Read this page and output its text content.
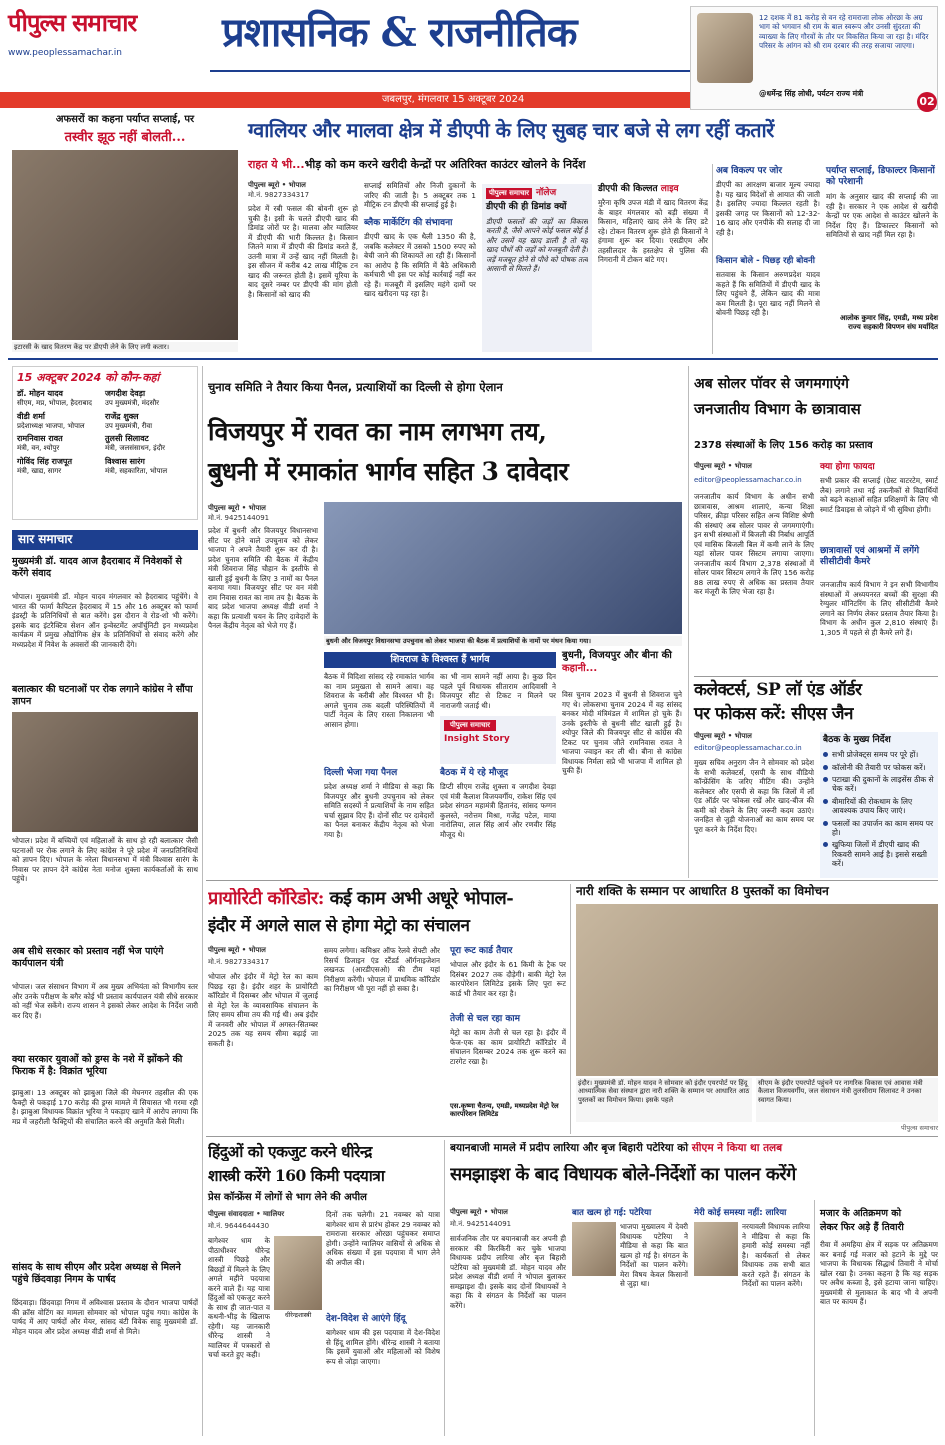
पीपुल्स समाचार
www.peoplessamachar.in	प्रशासनिक & राजनीतिक	12 दशक में 81 करोड़ से वन रहे रामराजा लोक ओरछा के अग्र भाग को भगवान श्री राम के बाल स्वरूप और उनसी सुंदरता की व्याख्या के लिए गौरवों के तौर पर विकसित किया जा रहा है। मंदिर परिसर के आंगन को श्री राम दरबार की तरह सजाया जाएगा।
@धर्मेन्द्र सिंह लोधी, पर्यटन राज्य मंत्री
जबलपुर, मंगलवार 15 अक्टूबर 2024	02
अफसरों का कहना पर्याप्त सप्लाई, पर
तस्वीर झूठ नहीं बोलती...
इटारसी के खाद वितरण केंद्र पर डीएपी लेने के लिए लगी कतार।
ग्वालियर और मालवा क्षेत्र में डीएपी के लिए सुबह चार बजे से लग रहीं कतारें
राहत ये भी...भीड़ को कम करने खरीदी केन्द्रों पर अतिरिक्त काउंटर खोलने के निर्देश
पीपुल्स ब्यूरो • भोपाल
मो.नं. 9827334317
प्रदेश में रबी फसल की बोवनी शुरू हो चुकी है। इसी के चलते डीएपी खाद की डिमांड जोरों पर है। मालवा और ग्वालियर में डीएपी की भारी किल्लत है। किसान जितने मात्रा में डीएपी की डिमांड करते हैं, उतनी मात्रा में उन्हें खाद नहीं मिलती है। इस सीजन में करीब 42 लाख मीट्रिक टन खाद की जरूरत होती है। इसमें यूरिया के बाद दूसरे नम्बर पर डीएपी की मांग होती है। किसानों को खाद की
सप्लाई समितियों और निजी दुकानों के जरिए की जाती है। 5 अक्टूबर तक 1 मीट्रिक टन डीएपी की सप्लाई हुई है।
ब्लैक मार्केटिंग की संभावना
डीएपी खाद के एक थैली 1350 की है, जबकि कलेक्टर में उसको 1500 रुपए को बेची जाने की शिकायतें आ रही हैं। किसानों का आरोप है कि समिति में बैठे अधिकारी कर्मचारी भी इस पर कोई कार्रवाई नहीं कर रहे हैं। मजबूरी में इसलिए महंगे दामों पर खाद खरीदना पड़ रहा है।
पीपुल्स समाचार नॉलेज
डीएपी की ही डिमांड क्यों
डीएपी फसलों की जड़ों का विकास करती है, जैसे आपने कोई फसल बोई है और उसमें यह खाद डाली है तो यह खाद पौधों की जड़ों को मजबूती देती है। जड़ें मजबूत होने से पौधे को पोषक तत्व आसानी से मिलते हैं।
डीएपी की किल्लत लाइव
मुरैना कृषि उपज मंडी में खाद वितरण केंद्र के बाहर मंगलवार को बड़ी संख्या में किसान, महिलाएं खाद लेने के लिए डटे रहे। टोकन वितरण शुरू होते ही किसानों ने हंगामा शुरू कर दिया। एसडीएम और तहसीलदार के हस्तक्षेप से पुलिस की निगरानी में टोकन बांटे गए।
अब विकल्प पर जोर
डीएपी का आरक्षण बाजार मूल्य ज्यादा है। यह खाद विदेशों से आयात की जाती है। इसलिए ज्यादा किल्लत रहती है। इसकी जगह पर किसानों को 12-32-16 खाद और एनपीके की सलाह दी जा रही है।
किसान बोले - पिछड़ रही बोवनी
सतवास के किसान अरुणप्रदेश यादव कहते हैं कि समितियों में डीएपी खाद के लिए पहुंचने हैं, लेकिन खाद की मात्रा कम मिलती है। पूरा खाद नहीं मिलने से बोवनी पिछड़ रही है।
पर्याप्त सप्लाई, डिफाल्टर किसानों को परेशानी
मांग के अनुसार खाद की सप्लाई की जा रही है। सरकार ने एक आदेश से खरीदी केन्द्रों पर एक आदेश से काउंटर खोलने के निर्देश दिए हैं। डिफाल्टर किसानों को समितियों से खाद नहीं मिल रहा है।
आलोक कुमार सिंह, एमडी, मध्य प्रदेश राज्य सहकारी विपणन संघ मर्यादित
15 अक्टूबर 2024 को कौन-कहां
डॉ. मोहन यादव
सीएम, मप्र, भोपाल, हैदराबाद
जगदीश देवड़ा
उप मुख्यमंत्री, मंदसौर
वीडी शर्मा
प्रदेशाध्यक्ष भाजपा, भोपाल
राजेंद्र शुक्ल
उप मुख्यमंत्री, रीवा
रामनिवास रावत
मंत्री, वन, श्योपुर
तुलसी सिलावट
मंत्री, जलसंसाधन, इंदौर
गोविंद सिंह राजपूत
मंत्री, खाद्य, सागर
विश्वास सारंग
मंत्री, सहकारिता, भोपाल
सार समाचार
मुख्यमंत्री डॉ. यादव आज हैदराबाद में निवेशकों से करेंगे संवाद
भोपाल। मुख्यमंत्री डॉ. मोहन यादव मंगलवार को हैदराबाद पहुंचेंगे। वे भारत की फार्मा कैपिटल हैदराबाद में 15 और 16 अक्टूबर को फार्मा इंडस्ट्री के प्रतिनिधियों से बात करेंगे। इस दौरान वे रोड-शो भी करेंगे। इसके बाद इंटरैक्टिव सेशन ऑन इन्वेस्टमेंट अपॉर्चुनिटी इन मध्यप्रदेश कार्यक्रम में प्रमुख औद्योगिक क्षेत्र के प्रतिनिधियों से संवाद करेंगे और मध्यप्रदेश में निवेश के अवसरों की जानकारी देंगे।
बलात्कार की घटनाओं पर रोक लगाने कांग्रेस ने सौंपा ज्ञापन
भोपाल। प्रदेश में बच्चियों एवं महिलाओं के साथ हो रही बलात्कार जैसी घटनाओं पर रोक लगाने के लिए कांग्रेस ने पूरे प्रदेश में जनप्रतिनिधियों को ज्ञापन दिए। भोपाल के नरेला विधानसभा में मंत्री विश्वास सारंग के निवास पर ज्ञापन देने कांग्रेस नेता मनोज शुक्ला कार्यकर्ताओं के साथ पहुंचे।
अब सीधे सरकार को प्रस्ताव नहीं भेज पाएंगे कार्यपालन यंत्री
भोपाल। जल संसाधन विभाग में अब मुख्य अभियंता को विभागीय स्तर और उनके परीक्षण के बगैर कोई भी प्रस्ताव कार्यपालन यंत्री सीधे सरकार को नहीं भेज सकेंगे। राज्य शासन ने इसको लेकर आदेश के निर्देश जारी कर दिए हैं।
क्या सरकार युवाओं को ड्रग्स के नशे में झोंकने की फिराक में है: विक्रांत भूरिया
झाबुआ। 13 अक्टूबर को झाबुआ जिले की मेघनगर तहसील की एक फैक्ट्री से पकड़ाई 170 करोड़ की ड्रग्स मामले में सियासत भी गरमा रही है। झाबुआ विधायक विक्रांत भूरिया ने पकड़ाए खाने में आरोप लगाया कि मप्र में जहरीली फैक्ट्रियों की संचालित करने की अनुमति कैसे मिली।
सांसद के साथ सीएम और प्रदेश अध्यक्ष से मिलने पहुंचे छिंदवाड़ा निगम के पार्षद
छिंदवाड़ा। छिंदवाड़ा निगम में अविश्वास प्रस्ताव के दौरान भाजपा पार्षदों की क्रॉस वोटिंग का मामला सोमवार को भोपाल पहुंच गया। कांग्रेस के पार्षद में आए पार्षदों और मेयर, सांसद बंटी विवेक साहू मुख्यमंत्री डॉ. मोहन यादव और प्रदेश अध्यक्ष वीडी शर्मा से मिले।
चुनाव समिति ने तैयार किया पैनल, प्रत्याशियों का दिल्ली से होगा ऐलान
विजयपुर में रावत का नाम लगभग तय,
बुधनी में रमाकांत भार्गव सहित 3 दावेदार
पीपुल्स ब्यूरो • भोपाल
मो.नं. 9425144091
प्रदेश में बुधनी और विजयपुर विधानसभा सीट पर होने वाले उपचुनाव को लेकर भाजपा ने अपने तैयारी शुरू कर दी है। प्रदेश चुनाव समिति की बैठक में केंद्रीय मंत्री शिवराज सिंह चौहान के इस्तीफे से खाली हुई बुधनी के लिए 3 नामों का पैनल बनाया गया। विजयपुर सीट पर वन मंत्री राम निवास रावत का नाम तय है। बैठक के बाद प्रदेश भाजपा अध्यक्ष वीडी शर्मा ने कहा कि प्रत्याशी चयन के लिए दावेदारों के पैनल केंद्रीय नेतृत्व को भेजे गए हैं।
बुधनी और विजयपुर विधानसभा उपचुनाव को लेकर भाजपा की बैठक में प्रत्याशियों के नामों पर मंथन किया गया।
शिवराज के विश्वस्त हैं भार्गव
बैठक में विदिशा सांसद रहे रमाकांत भार्गव का नाम प्रमुखता से सामने आया। वह शिवराज के करीबी और विश्वस्त भी हैं। अगले चुनाव तक बदली परिस्थितियों में पार्टी नेतृत्व के लिए रास्ता निकालना भी आसान होगा।
दिल्ली भेजा गया पैनल
प्रदेश अध्यक्ष शर्मा ने मीडिया से कहा कि विजयपुर और बुधनी उपचुनाव को लेकर समिति सदस्यों ने प्रत्याशियों के नाम सहित चर्चा सुझाव दिए हैं। दोनों सीट पर दावेदारों का पैनल बनाकर केंद्रीय नेतृत्व को भेजा गया है।
का भी नाम सामने नहीं आया है। कुछ दिन पहले पूर्व विधायक सीताराम आदिवासी ने विजयपुर सीट से टिकट न मिलने पर नाराजगी जताई थी।
पीपुल्स समाचार
Insight Story
बैठक में ये रहे मौजूद
डिप्टी सीएम राजेंद्र शुक्ला व जगदीश देवड़ा एवं मंत्री कैलाश विजयवर्गीय, राकेश सिंह एवं प्रदेश संगठन महामंत्री हितानंद, सांसद फग्गन कुलस्ते, नरोत्तम मिश्रा, गजेंद्र पटेल, माया नारोलिया, लाल सिंह आर्य और रणवीर सिंह मौजूद थे।
बुधनी, विजयपुर और बीना की कहानी...
विस चुनाव 2023 में बुधनी से शिवराज चुने गए थे। लोकसभा चुनाव 2024 में वह सांसद बनकर मोदी मंत्रिमंडल में शामिल हो चुके हैं। उनके इस्तीफे से बुधनी सीट खाली हुई है। श्योपुर जिले की विजयपुर सीट से कांग्रेस की टिकट पर चुनाव जीते रामनिवास रावत ने भाजपा ज्वाइन कर ली थी। बीना से कांग्रेस विधायक निर्मला सप्रे भी भाजपा में शामिल हो चुकी हैं।
अब सोलर पॉवर से जगमगाएंगे
जनजातीय विभाग के छात्रावास
2378 संस्थाओं के लिए 156 करोड़ का प्रस्ताव
पीपुल्स ब्यूरो • भोपाल
editor@peoplessamachar.co.in
जनजातीय कार्य विभाग के अधीन सभी छात्रावास, आश्रम शालाएं, कन्या शिक्षा परिसर, क्रीड़ा परिसर सहित अन्य विशिष्ट श्रेणी की संस्थाएं अब सोलर पावर से जगमगाएंगी। इन सभी संस्थाओं में बिजली की निर्बाध आपूर्ति एवं मासिक बिजली बिल में कमी लाने के लिए यहां सोलर पावर सिस्टम लगाया जाएगा। जनजातीय कार्य विभाग 2,378 संस्थाओं में सोलर पावर सिस्टम लगाने के लिए 156 करोड़ 88 लाख रुपए से अधिक का प्रस्ताव तैयार कर मंजूरी के लिए भेजा रहा है।
क्या होगा फायदा
सभी प्रकार की सप्लाई (ग्रेस्ट वाटरटेम, स्मार्ट लैब) लगाने तथा नई तकनीकों से विद्यार्थियों को बढ़ने कक्षाओं सहित प्रशिक्षणों के लिए भी स्मार्ट डिवाइस से जोड़ने में भी सुविधा होगी।
छात्रावासों एवं आश्रमों में लगेंगे सीसीटीवी कैमरे
जनजातीय कार्य विभाग ने इन सभी विभागीय संस्थाओं में अध्ययनरत बच्चों की सुरक्षा की रेग्युलर मॉनिटरिंग के लिए सीसीटीवी कैमरे लगाने का निर्णय लेकर प्रस्ताव तैयार किया है। विभाग के अधीन कुल 2,810 संस्थाएं हैं। 1,305 में पहले से ही कैमरे लगे हैं।
कलेक्टर्स, SP लॉ एंड ऑर्डर
पर फोकस करें: सीएस जैन
पीपुल्स ब्यूरो • भोपाल
editor@peoplessamachar.co.in
मुख्य सचिव अनुराग जैन ने सोमवार को प्रदेश के सभी कलेक्टर्स, एसपी के साथ वीडियो कॉन्फ्रेंसिंग के जरिए मीटिंग की। उन्होंने कलेक्टर और एसपी से कहा कि जिलों में लॉ एंड ऑर्डर पर फोकस रखें और खाद-बीज की कमी को रोकने के लिए जरूरी कदम उठाएं। जनहित से जुड़ी योजनाओं का काम समय पर पूरा करने के निर्देश दिए।
बैठक के मुख्य निर्देश
सभी प्रोजेक्ट्स समय पर पूरे हों।
कॉलोनी की तैयारी पर फोकस करें।
पटाखा की दुकानों के लाइसेंस ठीक से चेक करें।
बीमारियों की रोकथाम के लिए आवश्यक उपाय किए जाएं।
फसलों का उपार्जन का काम समय पर हो।
खुफिया जिलों में डीएपी खाद की रिकवरी सामने आई है। इससे सख्ती करें।
प्रायोरिटी कॉरिडोर: कई काम अभी अधूरे भोपाल-
इंदौर में अगले साल से होगा मेट्रो का संचालन
पीपुल्स ब्यूरो • भोपाल
मो.नं. 9827334317
भोपाल और इंदौर में मेट्रो रेल का काम पिछड़ रहा है। इंदौर शहर के प्रायोरिटी कॉरिडोर में दिसम्बर और भोपाल में जुलाई से मेट्रो रेल के व्यावसायिक संचालन के लिए समय सीमा तय की गई थी। अब इंदौर में जनवरी और भोपाल में अगस्त-सितम्बर 2025 तक यह समय सीमा बढ़ाई जा सकती है।
समय लगेगा। कमिश्नर ऑफ रेलवे सेफ्टी और रिसर्च डिजाइन एंड स्टैंडर्ड ऑर्गनाइजेशन लखनऊ (आरडीएसओ) की टीम यहां निरीक्षण करेंगी। भोपाल में प्राथमिक कॉरिडोर का निरीक्षण भी पूरा नहीं हो सका है।
पूरा रूट कार्ड तैयार
भोपाल और इंदौर के 61 किमी के ट्रैक पर दिसंबर 2027 तक दौड़ेगी। बाकी मेट्रो रेल कारपोरेशन लिमिटेड इसके लिए पूरा रूट कार्ड भी तैयार कर रहा है।
तेजी से चल रहा काम
मेट्रो का काम तेजी से चल रहा है। इंदौर में फेज-एक का काम प्रायोरिटी कॉरिडोर में संचालन दिसम्बर 2024 तक शुरू करने का टारगेट रखा है।
एस.कृष्णा चैतन्य, एमडी, मध्यप्रदेश मेट्रो रेल कारपोरेशन लिमिटेड
नारी शक्ति के सम्मान पर आधारित 8 पुस्तकों का विमोचन
इंदौर। मुख्यमंत्री डॉ. मोहन यादव ने सोमवार को इंदौर एयरपोर्ट पर हिंदू आध्यात्मिक सेवा संस्थान द्वारा नारी शक्ति के सम्मान पर आधारित आठ पुस्तकों का विमोचन किया। इसके पहले
सीएम के इंदौर एयरपोर्ट पहुंचने पर नागरिक विकास एवं आवास मंत्री कैलाश विजयवर्गीय, जल संसाधन मंत्री तुलसीराम सिलावट ने उनका स्वागत किया।
पीपुल्स समाचार
हिंदुओं को एकजुट करने धीरेन्द्र
शास्त्री करेंगे 160 किमी पदयात्रा
प्रेस कॉन्फ्रेंस में लोगों से भाग लेने की अपील
पीपुल्स संवाददाता • ग्वालियर
मो.नं. 9644644430
बागेश्वर धाम के पीठाधीश्वर धीरेन्द्र शास्त्री पिछड़े और बिछड़ों में मिलने के लिए अगले महीने पदयात्रा करने वाले हैं। यह यात्रा हिंदुओं को एकजुट करने के साथ ही जात-पात व कथनी-भीड़ के खिलाफ रहेगी। यह जानकारी धीरेन्द्र शास्त्री ने ग्वालियर में पत्रकारों से चर्चा करते हुए कही।
धीरेन्द्रशास्त्री
दिनों तक चलेगी। 21 नवम्बर को यात्रा बागेश्वर धाम से प्रारंभ होकर 29 नवम्बर को रामराजा सरकार ओरछा पहुंचकर समाप्त होगी। उन्होंने ग्वालियर वासियों से अधिक से अधिक संख्या में इस पदयात्रा में भाग लेने की अपील की।
देश-विदेश से आएंगे हिंदू
बागेश्वर धाम की इस पदयात्रा में देश-विदेश से हिंदू शामिल होंगे। धीरेन्द्र शास्त्री ने बताया कि इसमें युवाओं और महिलाओं को विशेष रूप से जोड़ा जाएगा।
बयानबाजी मामले में प्रदीप लारिया और बृज बिहारी पटेरिया को सीएम ने किया था तलब
समझाइश के बाद विधायक बोले-निर्देशों का पालन करेंगे
पीपुल्स ब्यूरो • भोपाल
मो.नं. 9425144091
सार्वजनिक तौर पर बयानबाजी कर अपनी ही सरकार की किरकिरी कर चुके भाजपा विधायक प्रदीप लारिया और बृज बिहारी पटेरिया को मुख्यमंत्री डॉ. मोहन यादव और प्रदेश अध्यक्ष वीडी शर्मा ने भोपाल बुलाकर समझाइश दी। इसके बाद दोनों विधायकों ने कहा कि वे संगठन के निर्देशों का पालन करेंगे।
बात खत्म हो गई: पटेरिया
भाजपा मुख्यालय में देवरी विधायक पटेरिया ने मीडिया से कहा कि बात खत्म हो गई है। संगठन के निर्देशों का पालन करेंगे। मेरा विषय केवल किसानों से जुड़ा था।
मेरी कोई समस्या नहीं: लारिया
नरयावली विधायक लारिया ने मीडिया से कहा कि हमारी कोई समस्या नहीं है। कार्यकर्ता से लेकर विधायक तक सभी बात करते रहते हैं। संगठन के निर्देशों का पालन करेंगे।
मजार के अतिक्रमण को
लेकर फिर अड़े हैं तिवारी
रीवा में अमहिया क्षेत्र में सड़क पर अतिक्रमण कर बनाई गई मजार को हटाने के मुद्दे पर भाजपा के विधायक सिद्धार्थ तिवारी ने मोर्चा खोल रखा है। उनका कहना है कि यह सड़क पर अवैध कब्जा है, इसे हटाया जाना चाहिए। मुख्यमंत्री से मुलाकात के बाद भी वे अपनी बात पर कायम हैं।
